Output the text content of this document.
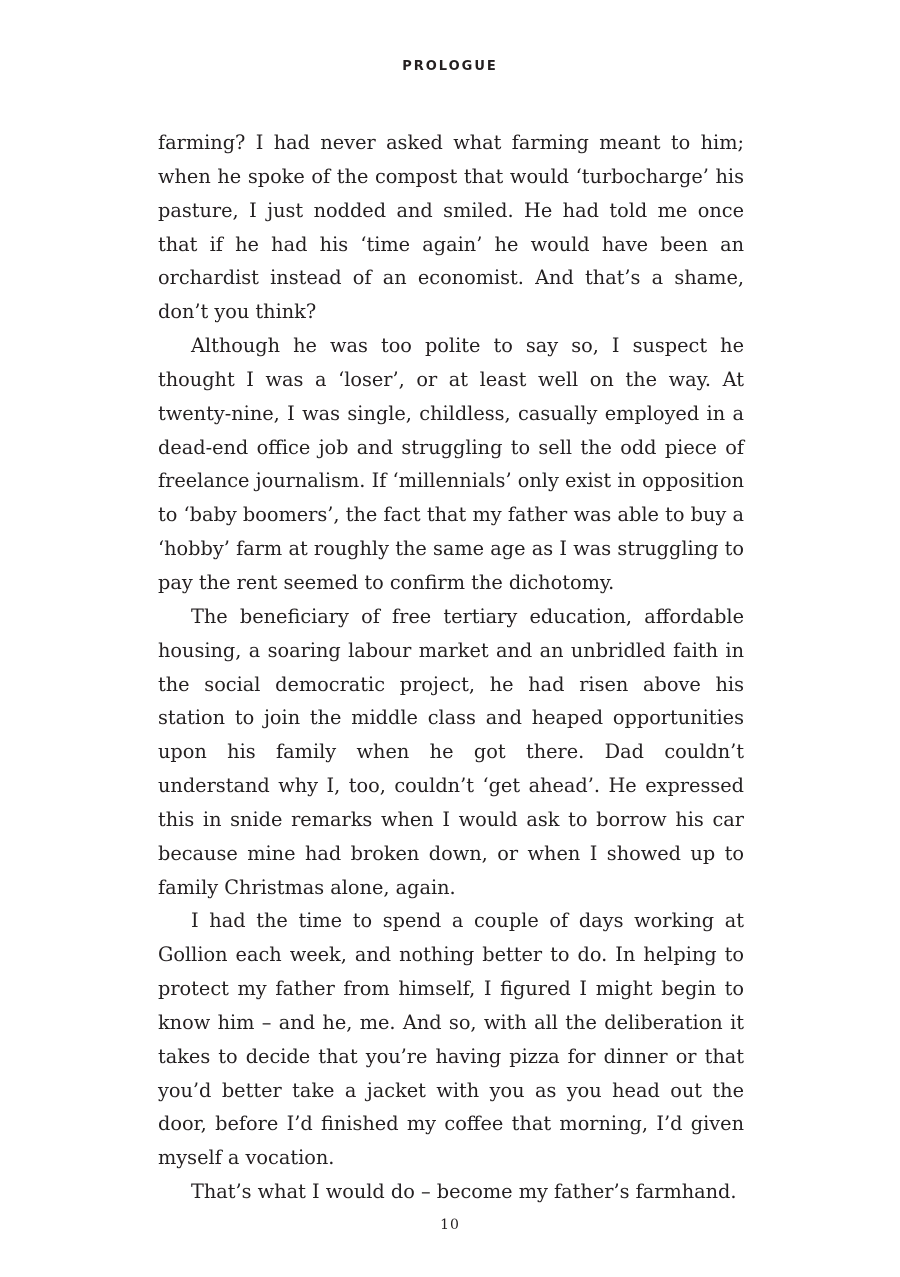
PROLOGUE

farming? I had never asked what farming meant to him; when he spoke of the compost that would ‘turbocharge’ his pasture, I just nodded and smiled. He had told me once that if he had his ‘time again’ he would have been an orchardist instead of an economist. And that’s a shame, don’t you think?

Although he was too polite to say so, I suspect he thought I was a ‘loser’, or at least well on the way. At twenty-nine, I was single, childless, casually employed in a dead-end office job and struggling to sell the odd piece of freelance journalism. If ‘millennials’ only exist in opposition to ‘baby boomers’, the fact that my father was able to buy a ‘hobby’ farm at roughly the same age as I was struggling to pay the rent seemed to confirm the dichotomy.

The beneficiary of free tertiary education, affordable housing, a soaring labour market and an unbridled faith in the social democratic project, he had risen above his station to join the middle class and heaped opportunities upon his family when he got there. Dad couldn’t understand why I, too, couldn’t ‘get ahead’. He expressed this in snide remarks when I would ask to borrow his car because mine had broken down, or when I showed up to family Christmas alone, again.

I had the time to spend a couple of days working at Gollion each week, and nothing better to do. In helping to protect my father from himself, I figured I might begin to know him – and he, me. And so, with all the deliberation it takes to decide that you’re having pizza for dinner or that you’d better take a jacket with you as you head out the door, before I’d finished my coffee that morning, I’d given myself a vocation.

That’s what I would do – become my father’s farmhand.

10
